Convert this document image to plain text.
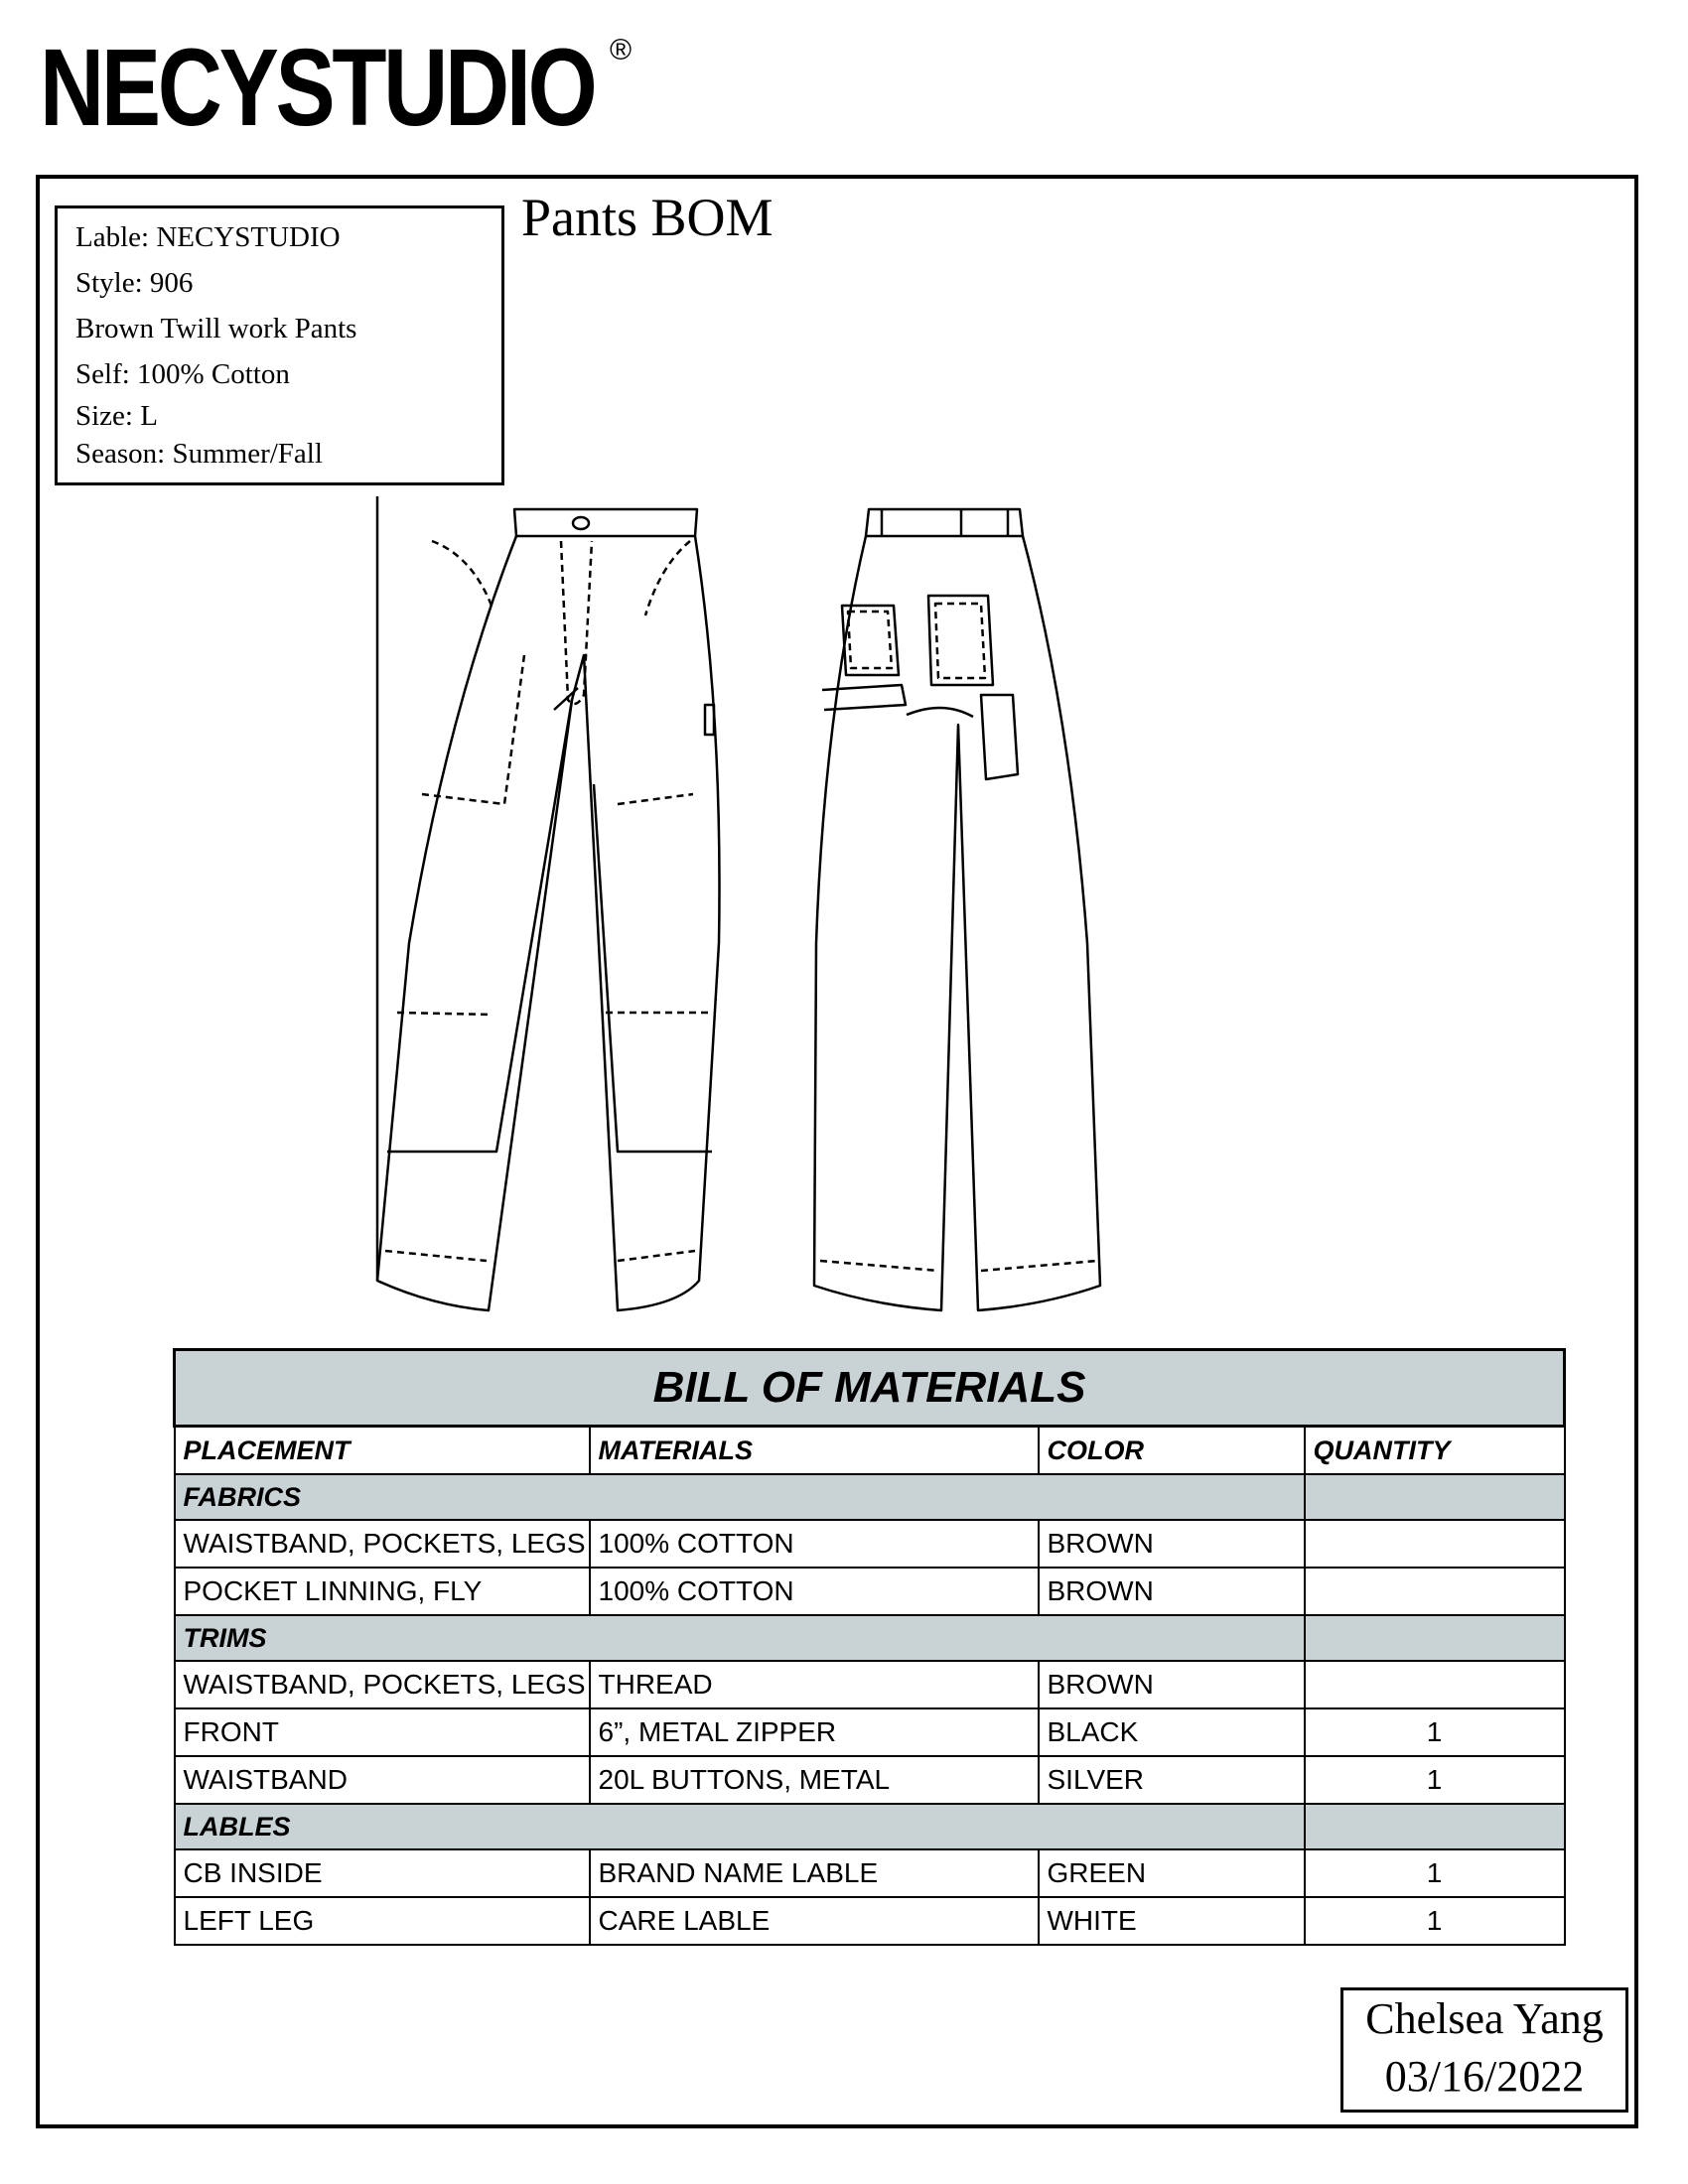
NECYSTUDIO ®
Lable: NECYSTUDIO
Style: 906
Brown Twill work Pants
Self: 100% Cotton
Size: L
Season: Summer/Fall
Pants BOM
BILL OF MATERIALS			
PLACEMENT	MATERIALS	COLOR	QUANTITY
FABRICS			
WAISTBAND, POCKETS, LEGS	100% COTTON	BROWN	
POCKET LINNING, FLY	100% COTTON	BROWN	
TRIMS			
WAISTBAND, POCKETS, LEGS	THREAD	BROWN	
FRONT	6”, METAL ZIPPER	BLACK	1
WAISTBAND	20L BUTTONS, METAL	SILVER	1
LABLES			
CB INSIDE	BRAND NAME LABLE	GREEN	1
LEFT LEG	CARE LABLE	WHITE	1
Chelsea Yang
03/16/2022
